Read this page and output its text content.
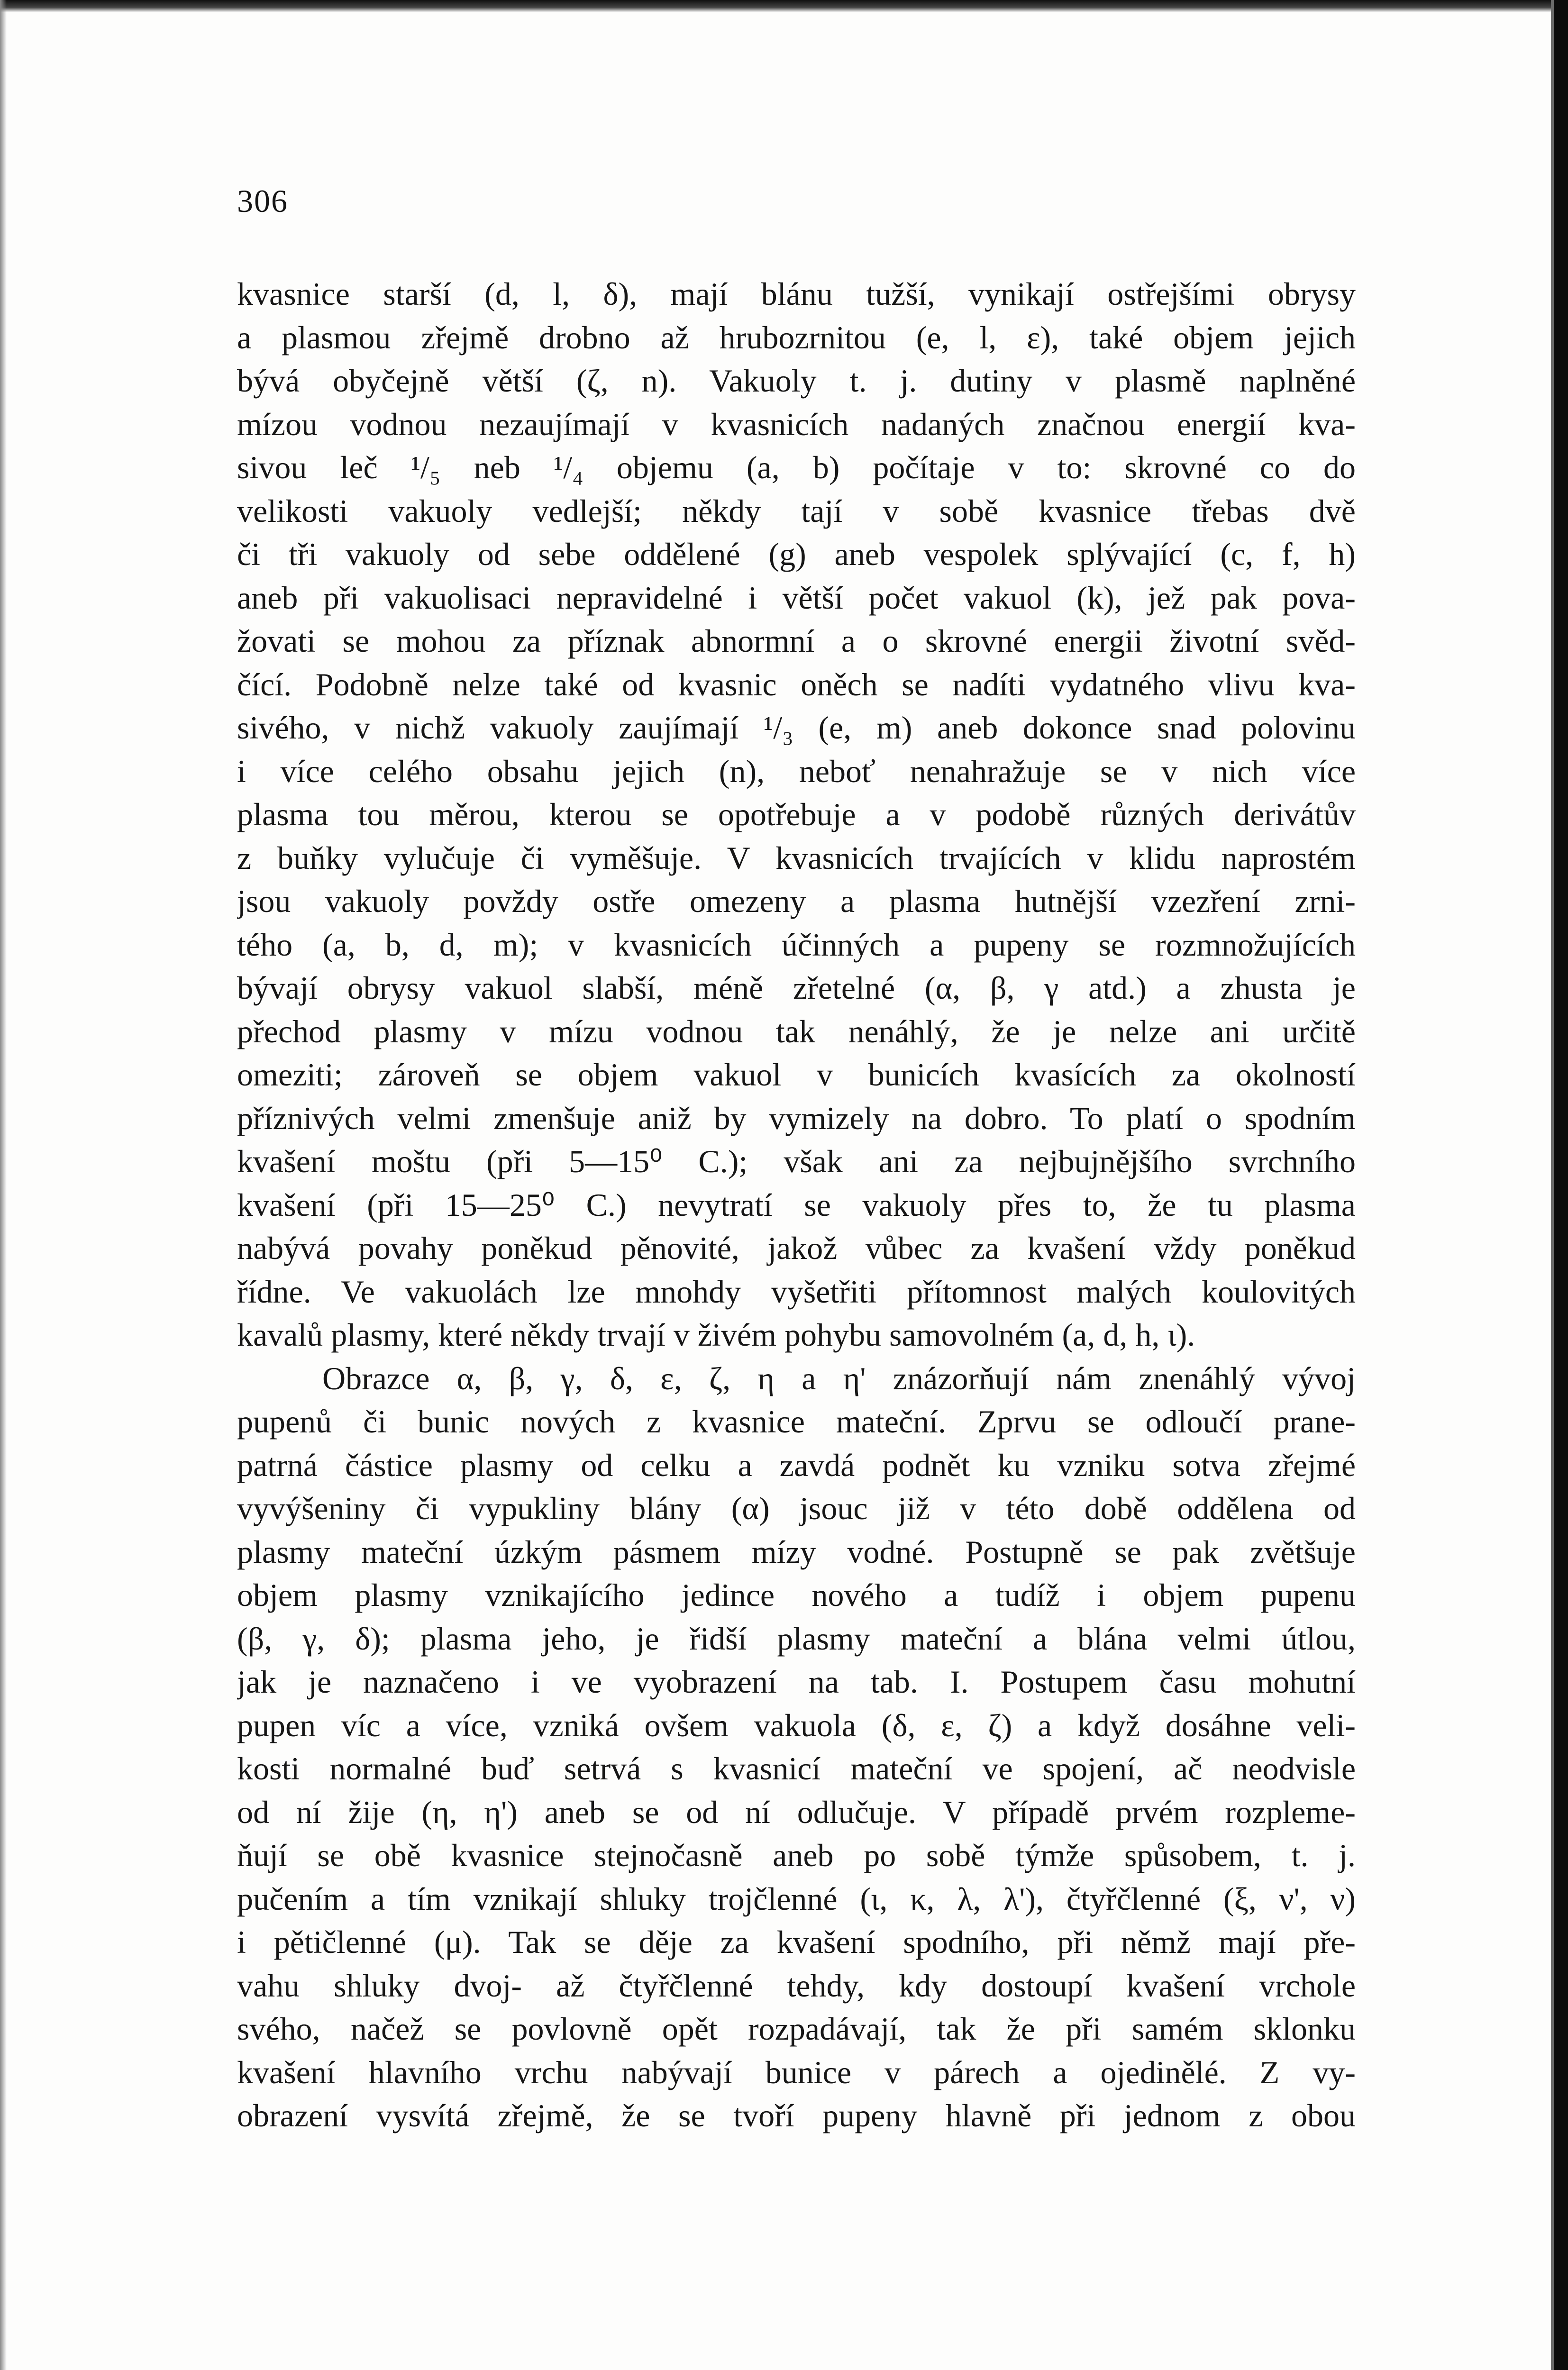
306
kvasnice starší (d, l, δ), mají blánu tužší, vynikají ostřejšími obrysy
a plasmou zřejmě drobno až hrubozrnitou (e, l, ε), také objem jejich
bývá obyčejně větší (ζ, n). Vakuoly t. j. dutiny v plasmě naplněné
mízou vodnou nezaujímají v kvasnicích nadaných značnou energií kva-
sivou leč ¹/₅ neb ¹/₄ objemu (a, b) počítaje v to: skrovné co do
velikosti vakuoly vedlejší; někdy tají v sobě kvasnice třebas dvě
či tři vakuoly od sebe oddělené (g) aneb vespolek splývající (c, f, h)
aneb při vakuolisaci nepravidelné i větší počet vakuol (k), jež pak pova-
žovati se mohou za příznak abnormní a o skrovné energii životní svěd-
čící. Podobně nelze také od kvasnic oněch se nadíti vydatného vlivu kva-
sivého, v nichž vakuoly zaujímají ¹/₃ (e, m) aneb dokonce snad polovinu
i více celého obsahu jejich (n), neboť nenahražuje se v nich více
plasma tou měrou, kterou se opotřebuje a v podobě různých derivátův
z buňky vylučuje či vyměšuje. V kvasnicích trvajících v klidu naprostém
jsou vakuoly povždy ostře omezeny a plasma hutnější vzezření zrni-
tého (a, b, d, m); v kvasnicích účinných a pupeny se rozmnožujících
bývají obrysy vakuol slabší, méně zřetelné (α, β, γ atd.) a zhusta je
přechod plasmy v mízu vodnou tak nenáhlý, že je nelze ani určitě
omeziti; zároveň se objem vakuol v bunicích kvasících za okolností
příznivých velmi zmenšuje aniž by vymizely na dobro. To platí o spodním
kvašení moštu (při 5—15⁰ C.); však ani za nejbujnějšího svrchního
kvašení (při 15—25⁰ C.) nevytratí se vakuoly přes to, že tu plasma
nabývá povahy poněkud pěnovité, jakož vůbec za kvašení vždy poněkud
řídne. Ve vakuolách lze mnohdy vyšetřiti přítomnost malých koulovitých
kavalů plasmy, které někdy trvají v živém pohybu samovolném (a, d, h, ι).
Obrazce α, β, γ, δ, ε, ζ, η a η' znázorňují nám znenáhlý vývoj
pupenů či bunic nových z kvasnice mateční. Zprvu se odloučí prane-
patrná částice plasmy od celku a zavdá podnět ku vzniku sotva zřejmé
vyvýšeniny či vypukliny blány (α) jsouc již v této době oddělena od
plasmy mateční úzkým pásmem mízy vodné. Postupně se pak zvětšuje
objem plasmy vznikajícího jedince nového a tudíž i objem pupenu
(β, γ, δ); plasma jeho, je řidší plasmy mateční a blána velmi útlou,
jak je naznačeno i ve vyobrazení na tab. I. Postupem času mohutní
pupen víc a více, vzniká ovšem vakuola (δ, ε, ζ) a když dosáhne veli-
kosti normalné buď setrvá s kvasnicí mateční ve spojení, ač neodvisle
od ní žije (η, η') aneb se od ní odlučuje. V případě prvém rozpleme-
ňují se obě kvasnice stejnočasně aneb po sobě týmže spůsobem, t. j.
pučením a tím vznikají shluky trojčlenné (ι, κ, λ, λ'), čtyřčlenné (ξ, ν', ν)
i pětičlenné (μ). Tak se děje za kvašení spodního, při němž mají pře-
vahu shluky dvoj- až čtyřčlenné tehdy, kdy dostoupí kvašení vrchole
svého, načež se povlovně opět rozpadávají, tak že při samém sklonku
kvašení hlavního vrchu nabývají bunice v párech a ojedinělé. Z vy-
obrazení vysvítá zřejmě, že se tvoří pupeny hlavně při jednom z obou
